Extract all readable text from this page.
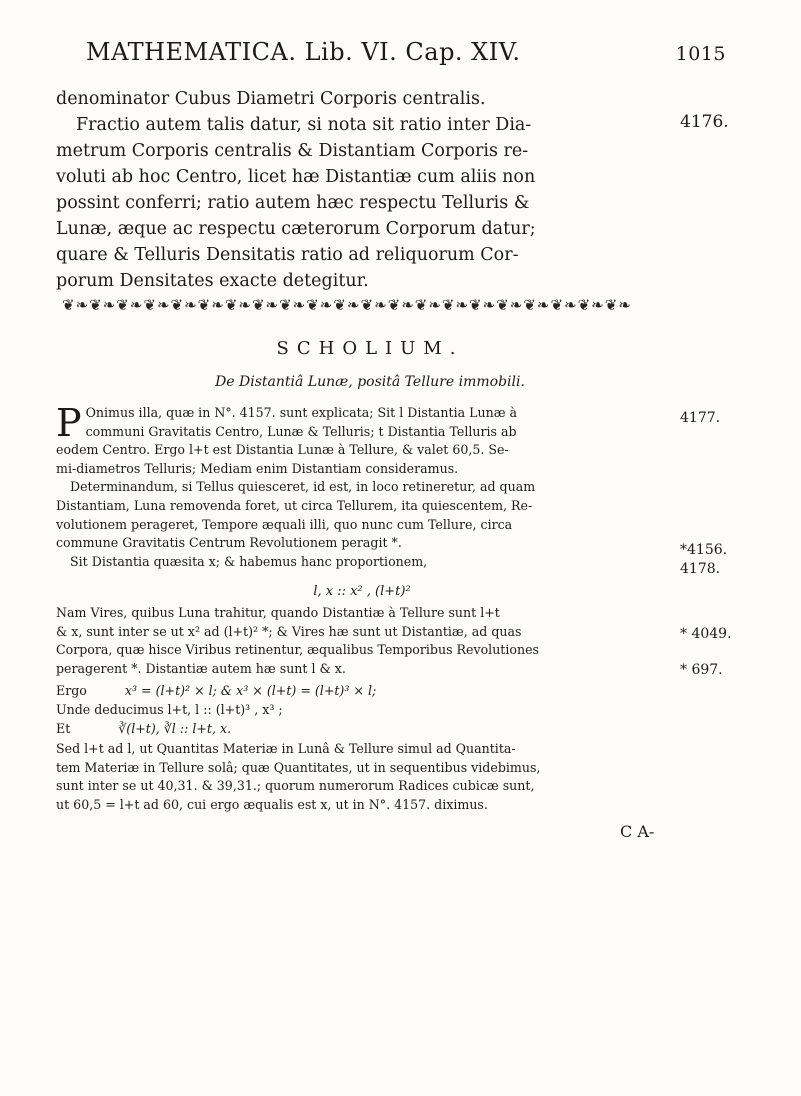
MATHEMATICA. Lib. VI. Cap. XIV.	1015
denominator Cubus Diametri Corporis centralis.
Fractio autem talis datur, si nota sit ratio inter Dia-
metrum Corporis centralis & Distantiam Corporis re-
voluti ab hoc Centro, licet hæ Distantiæ cum aliis non
possint conferri; ratio autem hæc respectu Telluris &
Lunæ, æque ac respectu cæterorum Corporum datur;
quare & Telluris Densitatis ratio ad reliquorum Cor-
porum Densitates exacte detegitur.
4176.
❦❧❦❧❦❧❦❧❦❧❦❧❦❧❦❧❦❧❦❧❦❧❦❧❦❧❦❧❦❧❦❧❦❧❦❧❦❧❦❧❦❧
SCHOLIUM.
De Distantiâ Lunæ, positâ Tellure immobili.
P Onimus illa, quæ in N°. 4157. sunt explicata; Sit l Distantia Lunæ à
communi Gravitatis Centro, Lunæ & Telluris; t Distantia Telluris ab
eodem Centro. Ergo l+t est Distantia Lunæ à Tellure, & valet 60,5. Se-
mi-diametros Telluris; Mediam enim Distantiam consideramus.
Determinandum, si Tellus quiesceret, id est, in loco retineretur, ad quam
Distantiam, Luna removenda foret, ut circa Tellurem, ita quiescentem, Re-
volutionem perageret, Tempore æquali illi, quo nunc cum Tellure, circa
commune Gravitatis Centrum Revolutionem peragit *.
Sit Distantia quæsita x; & habemus hanc proportionem,
4177.
*4156.
4178.
l, x :: x² , (l+t)²
Nam Vires, quibus Luna trahitur, quando Distantiæ à Tellure sunt l+t
& x, sunt inter se ut x² ad (l+t)² *; & Vires hæ sunt ut Distantiæ, ad quas
Corpora, quæ hisce Viribus retinentur, æqualibus Temporibus Revolutiones
peragerent *. Distantiæ autem hæ sunt l & x.
* 4049.
* 697.
Ergo	x³ = (l+t)² × l; & x³ × (l+t) = (l+t)³ × l;
Unde deducimus l+t, l :: (l+t)³ , x³ ;
Et	∛(l+t), ∛l :: l+t, x.
Sed l+t ad l, ut Quantitas Materiæ in Lunâ & Tellure simul ad Quantita-
tem Materiæ in Tellure solâ; quæ Quantitates, ut in sequentibus videbimus,
sunt inter se ut 40,31. & 39,31.; quorum numerorum Radices cubicæ sunt,
ut 60,5 = l+t ad 60, cui ergo æqualis est x, ut in N°. 4157. diximus.
C A-
